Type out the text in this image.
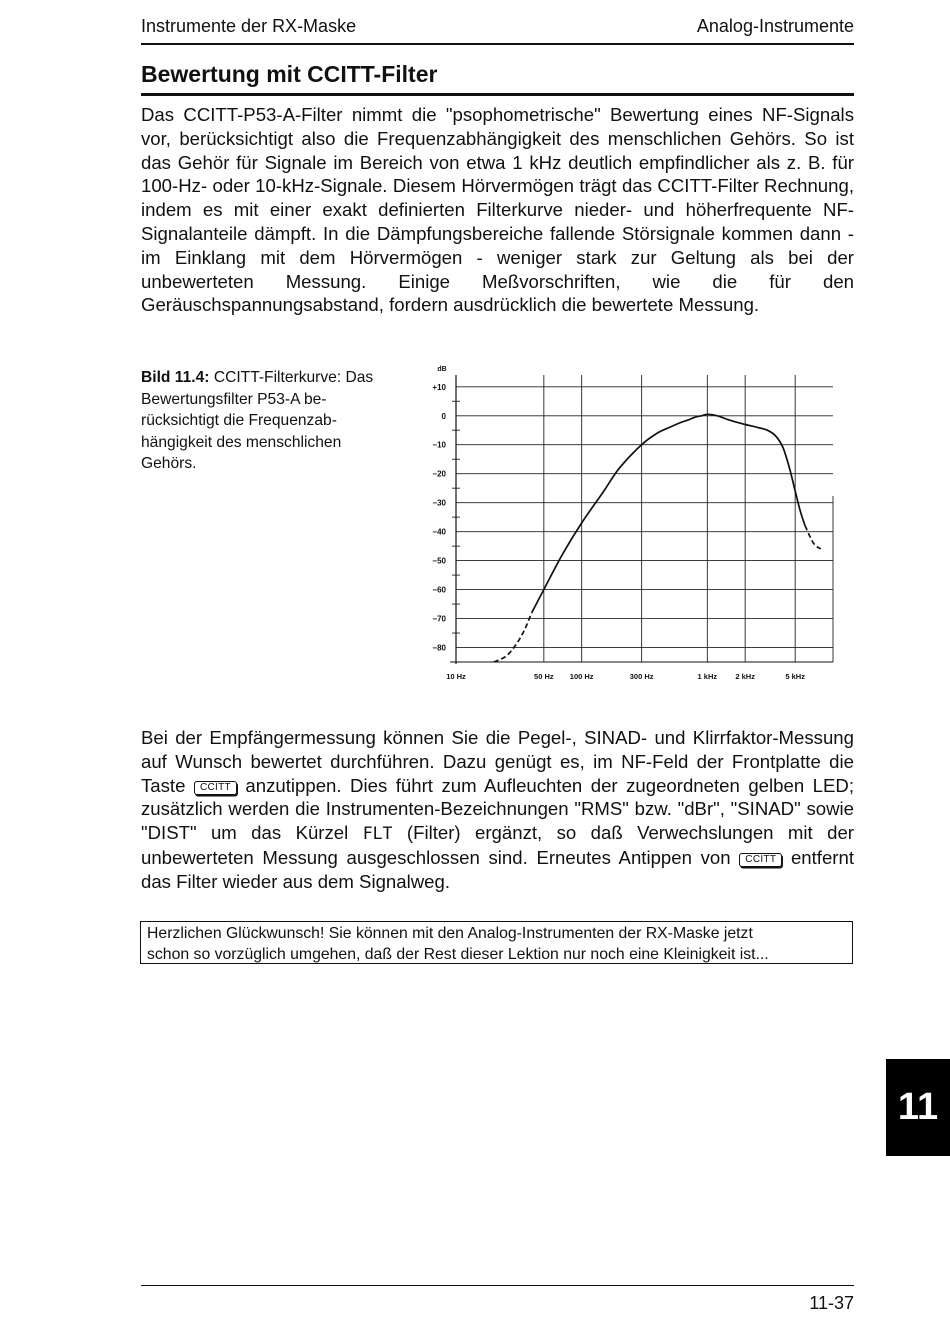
Instrumente der RX-Maske	Analog-Instrumente
Bewertung mit CCITT-Filter

Das CCITT-P53-A-Filter nimmt die "psophometrische" Bewertung eines NF-Signals vor, berücksichtigt also die Frequenzabhängigkeit des menschlichen Gehörs. So ist das Gehör für Signale im Bereich von etwa 1 kHz deutlich empfindlicher als z. B. für 100-Hz- oder 10-kHz-Signale. Diesem Hörvermögen trägt das CCITT-Filter Rechnung, indem es mit einer exakt definierten Filterkurve nieder- und höherfrequente NF-Signalanteile dämpft. In die Dämpfungsbereiche fallende Störsignale kommen dann - im Einklang mit dem Hörvermögen - weniger stark zur Geltung als bei der unbewerteten Messung. Einige Meßvorschriften, wie die für den Geräuschspannungsabstand, fordern ausdrücklich die bewertete Messung.

Bild 11.4: CCITT-Filterkurve: Das Bewertungsfilter P53-A berücksichtigt die Frequenzabhängigkeit des menschlichen Gehörs.

+10
0
−10
−20
−30
−40
−50
−60
−70
−80
dB
10 Hz	50 Hz 100 Hz	300 Hz	1 kHz 2 kHz	5 kHz

Bei der Empfängermessung können Sie die Pegel-, SINAD- und Klirrfaktor-Messung auf Wunsch bewertet durchführen. Dazu genügt es, im NF-Feld der Frontplatte die Taste CCITT anzutippen. Dies führt zum Aufleuchten der zugeordneten gelben LED; zusätzlich werden die Instrumenten-Bezeichnungen "RMS" bzw. "dBr", "SINAD" sowie "DIST" um das Kürzel FLT (Filter) ergänzt, so daß Verwechslungen mit der unbewerteten Messung ausgeschlossen sind. Erneutes Antippen von CCITT entfernt das Filter wieder aus dem Signalweg.

Herzlichen Glückwunsch! Sie können mit den Analog-Instrumenten der RX-Maske jetzt
schon so vorzüglich umgehen, daß der Rest dieser Lektion nur noch eine Kleinigkeit ist...
11
11-37
